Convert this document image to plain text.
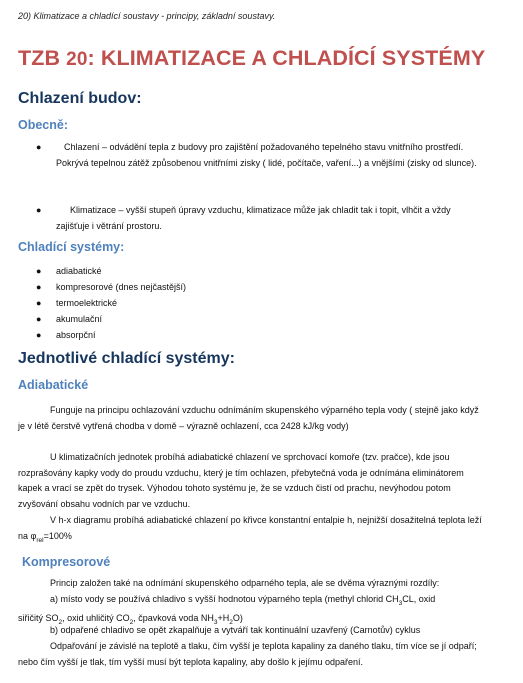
20) Klimatizace a chladící soustavy - principy, základní soustavy.
TZB 20: KLIMATIZACE A CHLADÍCÍ SYSTÉMY
Chlazení budov:
Obecně:
●	Chlazení – odvádění tepla z budovy pro zajištění požadovaného tepelného stavu vnitřního prostředí. Pokrývá tepelnou zátěž způsobenou vnitřními zisky ( lidé, počítače, vaření...) a vnějšími (zisky od slunce).
●	Klimatizace – vyšší stupeň úpravy vzduchu, klimatizace může jak chladit tak i topit, vlhčit a vždy zajišťuje i větrání prostoru.
Chladící systémy:
● adiabatické
● kompresorové (dnes nejčastější)
● termoelektrické
● akumulační
● absorpční
Jednotlivé chladící systémy:
Adiabatické

Funguje na principu ochlazování vzduchu odnímáním skupenského výparného tepla vody ( stejně jako když je v létě čerstvě vytřená chodba v domě – výrazně ochlazení, cca 2428 kJ/kg vody)

U klimatizačních jednotek probíhá adiabatické chlazení ve sprchovací komoře (tzv. pračce), kde jsou rozprašovány kapky vody do proudu vzduchu, který je tím ochlazen, přebytečná voda je odnímána eliminátorem kapek a vrací se zpět do trysek. Výhodou tohoto systému je, že se vzduch čistí od prachu, nevýhodou potom zvyšování obsahu vodních par ve vzduchu.

V h-x diagramu probíhá adiabatické chlazení po křivce konstantní entalpie h, nejnižší dosažitelná teplota leží na $\varphi_{rel}=100\%$

Kompresorové

Princip založen také na odnímání skupenského odparného tepla, ale se dvěma výraznými rozdíly:

a) místo vody se používá chladivo s vyšší hodnotou výparného tepla (methyl chlorid $CH_3CL$, oxid
siřičitý $SO_2$, oxid uhličitý $CO_2$, čpavková voda $NH_3+H_2O$)

b) odpařené chladivo se opět zkapalňuje a vytváří tak kontinuální uzavřený (Carnotův) cyklus

Odpařování je závislé na teplotě a tlaku, čím vyšší je teplota kapaliny za daného tlaku, tím více se jí odpaří; nebo čím vyšší je tlak, tím vyšší musí být teplota kapaliny, aby došlo k jejímu odpaření.
